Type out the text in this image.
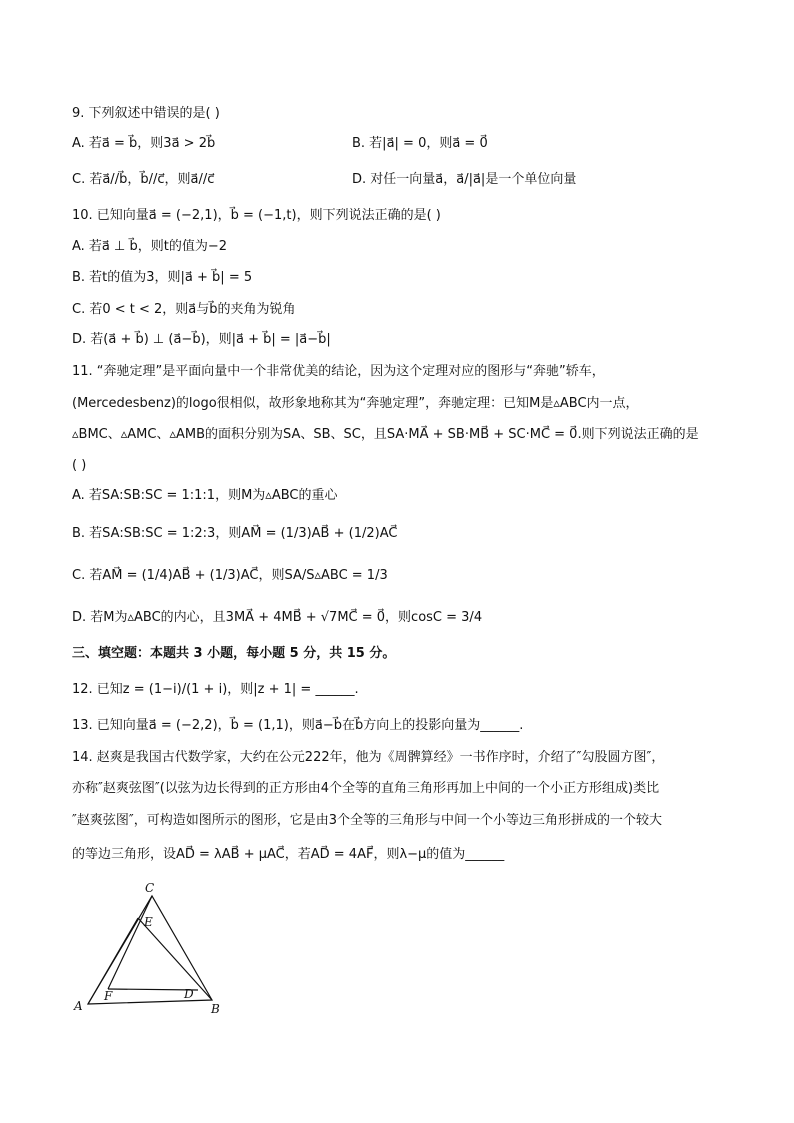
9. 下列叙述中错误的是( )
A. 若a⃗ = b⃗，则3a⃗ > 2b⃗	B. 若|a⃗| = 0，则a⃗ = 0⃗
C. 若a⃗//b⃗，b⃗//c⃗，则a⃗//c⃗	D. 对任一向量a⃗，a⃗/|a⃗|是一个单位向量
10. 已知向量a⃗ = (−2,1)，b⃗ = (−1,t)，则下列说法正确的是( )
A. 若a⃗ ⊥ b⃗，则t的值为−2
B. 若t的值为3，则|a⃗ + b⃗| = 5
C. 若0 < t < 2，则a⃗与b⃗的夹角为锐角
D. 若(a⃗ + b⃗) ⊥ (a⃗−b⃗)，则|a⃗ + b⃗| = |a⃗−b⃗|
11. “奔驰定理”是平面向量中一个非常优美的结论，因为这个定理对应的图形与“奔驰”轿车，
(Mercedesbenz)的logo很相似，故形象地称其为“奔驰定理”，奔驰定理：已知M是▵ABC内一点，
▵BMC、▵AMC、▵AMB的面积分别为SA、SB、SC，且SA·MA⃗ + SB·MB⃗ + SC·MC⃗ = 0⃗.则下列说法正确的是
( )
A. 若SA:SB:SC = 1:1:1，则M为▵ABC的重心
B. 若SA:SB:SC = 1:2:3，则AM⃗ = (1/3)AB⃗ + (1/2)AC⃗
C. 若AM⃗ = (1/4)AB⃗ + (1/3)AC⃗，则SA/S▵ABC = 1/3
D. 若M为▵ABC的内心，且3MA⃗ + 4MB⃗ + √7MC⃗ = 0⃗，则cosC = 3/4
三、填空题：本题共 3 小题，每小题 5 分，共 15 分。
12. 已知z = (1−i)/(1 + i)，则|z + 1| = ______.
13. 已知向量a⃗ = (−2,2)，b⃗ = (1,1)，则a⃗−b⃗在b⃗方向上的投影向量为______.
14. 赵爽是我国古代数学家，大约在公元222年，他为《周髀算经》一书作序时，介绍了″勾股圆方图″，
亦称″赵爽弦图″(以弦为边长得到的正方形由4个全等的直角三角形再加上中间的一个小正方形组成)类比
″赵爽弦图″，可构造如图所示的图形，它是由3个全等的三角形与中间一个小等边三角形拼成的一个较大
的等边三角形，设AD⃗ = λAB⃗ + μAC⃗，若AD⃗ = 4AF⃗，则λ−μ的值为______
C
E
F	D
A	B
